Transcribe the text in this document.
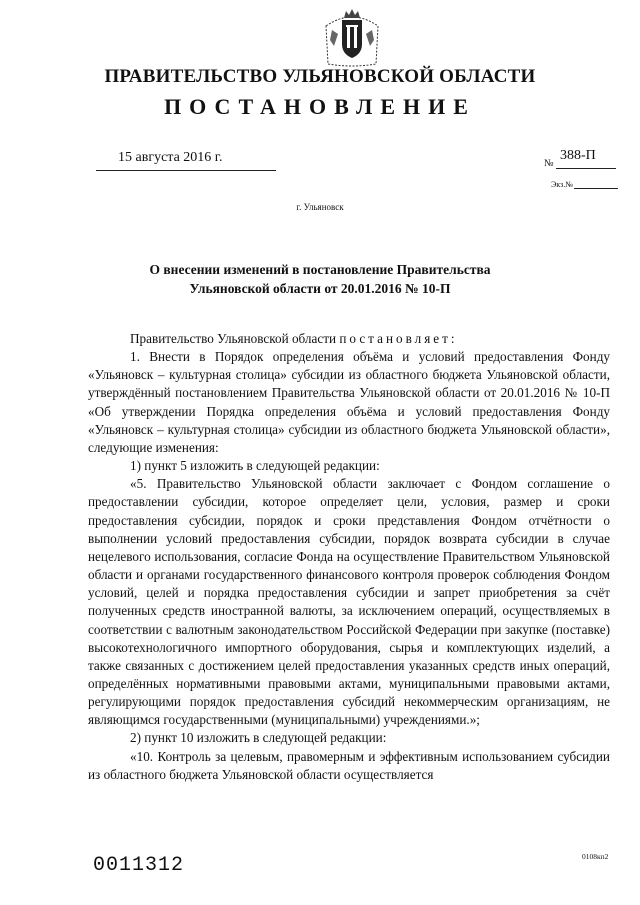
ПРАВИТЕЛЬСТВО УЛЬЯНОВСКОЙ ОБЛАСТИ
ПОСТАНОВЛЕНИЕ
15 августа 2016 г.	№
388-П
Экз.№
г. Ульяновск
О внесении изменений в постановление Правительства
Ульяновской области от 20.01.2016 № 10-П

Правительство Ульяновской области постановляет:

1. Внести в Порядок определения объёма и условий предоставления Фонду «Ульяновск – культурная столица» субсидии из областного бюджета Ульяновской области, утверждённый постановлением Правительства Ульяновской области от 20.01.2016 № 10-П «Об утверждении Порядка определения объёма и условий предоставления Фонду «Ульяновск – культурная столица» субсидии из областного бюджета Ульяновской области», следующие изменения:

1) пункт 5 изложить в следующей редакции:

«5. Правительство Ульяновской области заключает с Фондом соглашение о предоставлении субсидии, которое определяет цели, условия, размер и сроки предоставления субсидии, порядок и сроки представления Фондом отчётности о выполнении условий предоставления субсидии, порядок возврата субсидии в случае нецелевого использования, согласие Фонда на осуществление Правительством Ульяновской области и органами государственного финансового контроля проверок соблюдения Фондом условий, целей и порядка предоставления субсидии и запрет приобретения за счёт полученных средств иностранной валюты, за исключением операций, осуществляемых в соответствии с валютным законодательством Российской Федерации при закупке (поставке) высокотехнологичного импортного оборудования, сырья и комплектующих изделий, а также связанных с достижением целей предоставления указанных средств иных операций, определённых нормативными правовыми актами, муниципальными правовыми актами, регулирующими порядок предоставления субсидий некоммерческим организациям, не являющимся государственными (муниципальными) учреждениями.»;

2) пункт 10 изложить в следующей редакции:

«10. Контроль за целевым, правомерным и эффективным использованием субсидии из областного бюджета Ульяновской области осуществляется

0108кп2
0011312
